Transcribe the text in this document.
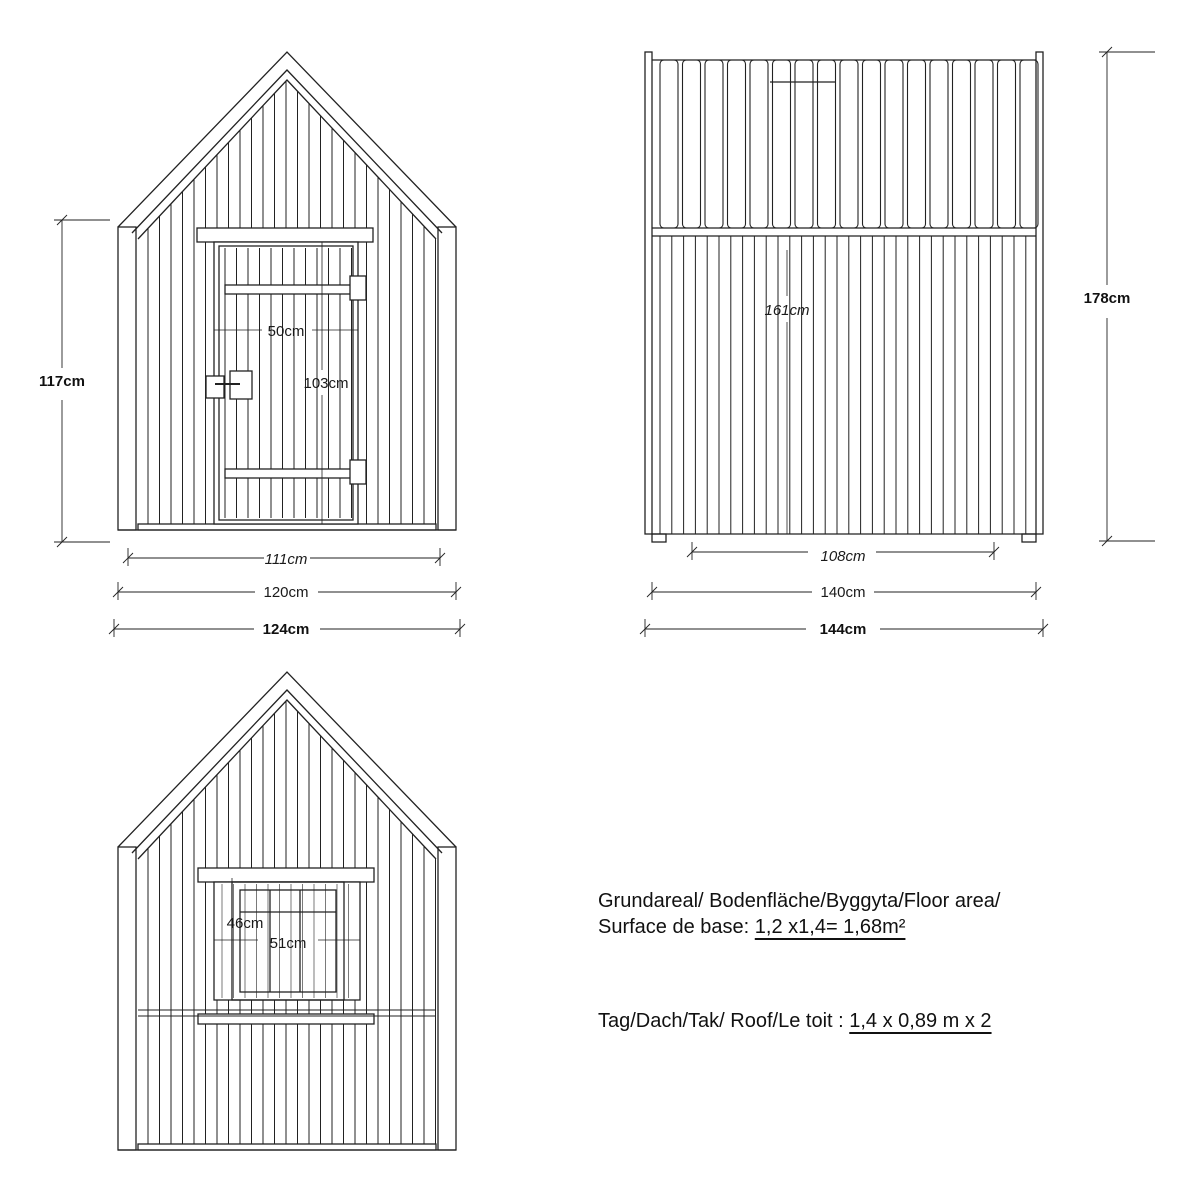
117cm
50cm
103cm
111cm
120cm
124cm
161cm
178cm
108cm
140cm
144cm
46cm
51cm
Grundareal/ Bodenfläche/Byggyta/Floor area/
Surface de base: 1,2 x1,4= 1,68m²
Tag/Dach/Tak/ Roof/Le toit : 1,4 x 0,89 m x 2
